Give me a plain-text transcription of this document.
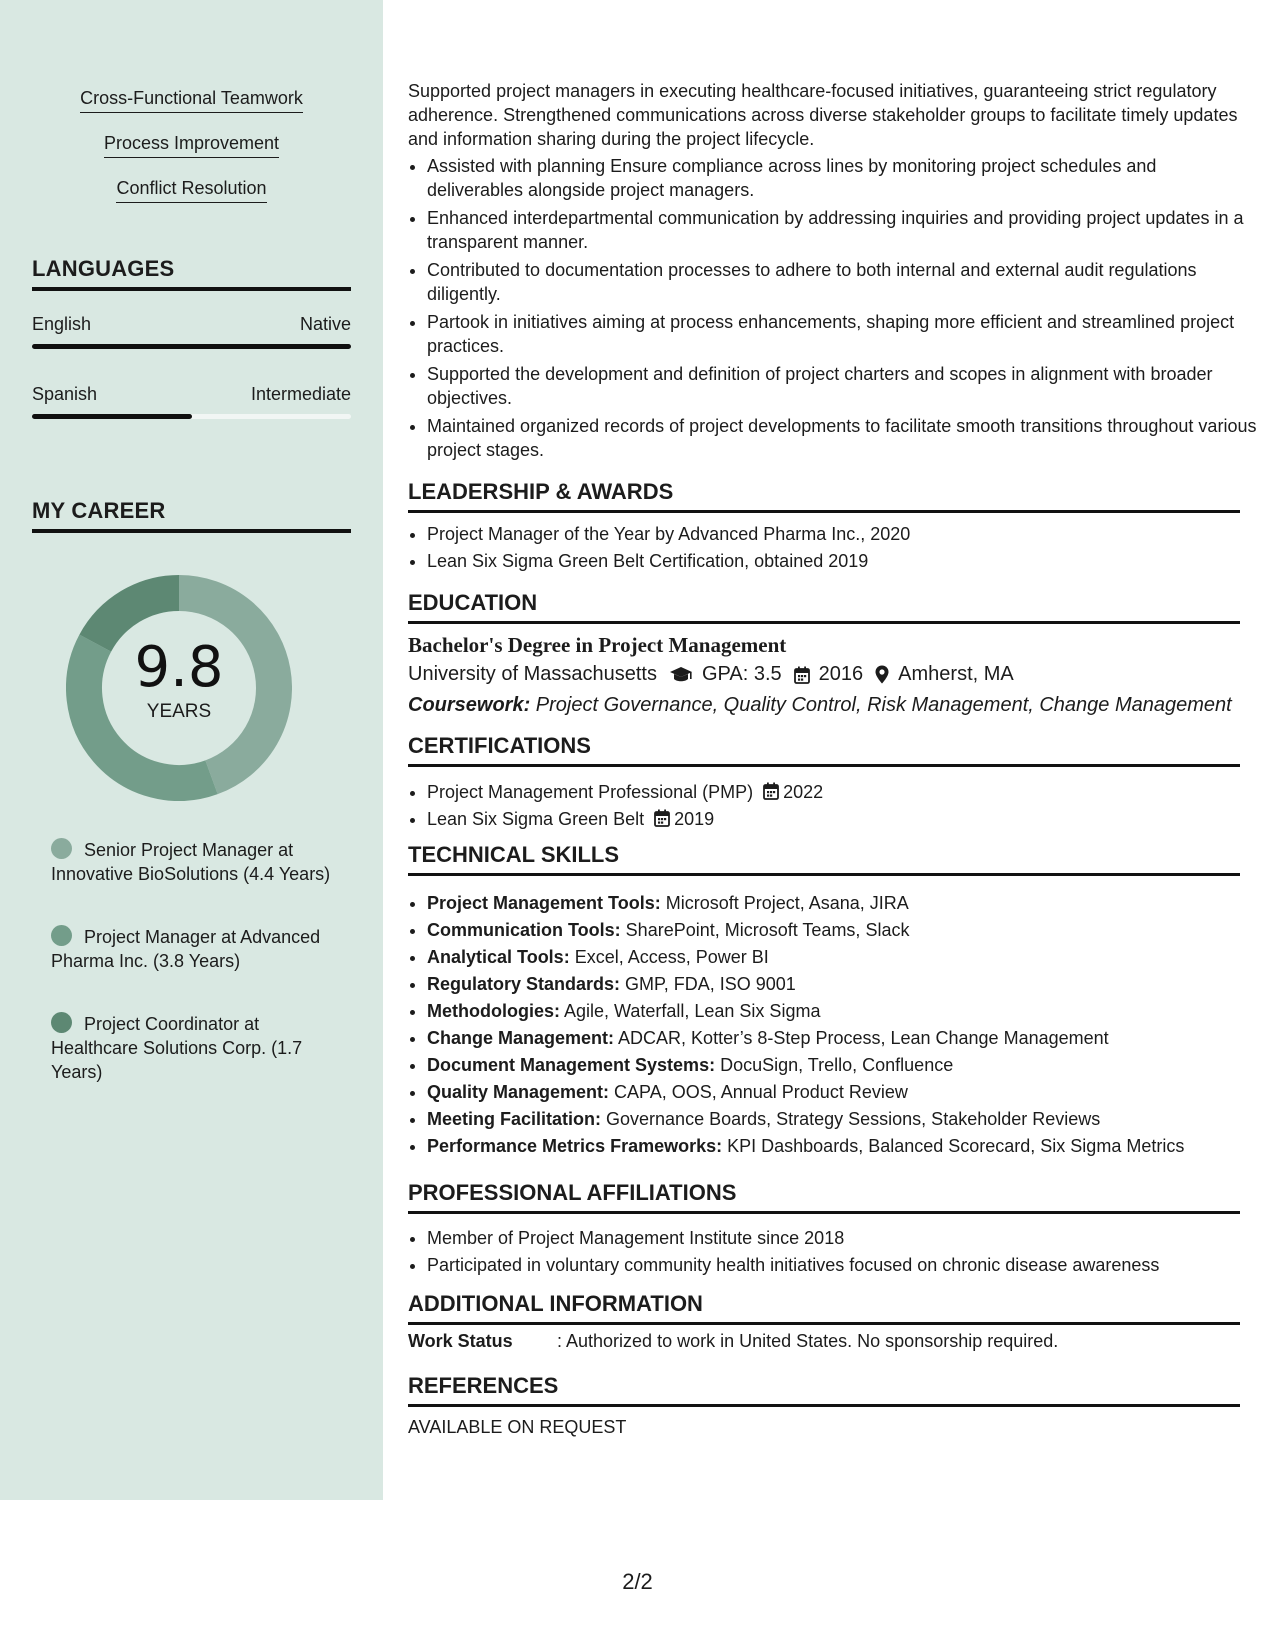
Cross-Functional Teamwork
Process Improvement
Conflict Resolution
LANGUAGES
English	Native
Spanish	Intermediate
MY CAREER
9.8
YEARS
Senior Project Manager at Innovative BioSolutions (4.4 Years)
Project Manager at Advanced Pharma Inc. (3.8 Years)
Project Coordinator at Healthcare Solutions Corp. (1.7 Years)

Supported project managers in executing healthcare-focused initiatives, guaranteeing strict regulatory adherence. Strengthened communications across diverse stakeholder groups to facilitate timely updates and information sharing during the project lifecycle.

• Assisted with planning Ensure compliance across lines by monitoring project schedules and deliverables alongside project managers.
• Enhanced interdepartmental communication by addressing inquiries and providing project updates in a transparent manner.
• Contributed to documentation processes to adhere to both internal and external audit regulations diligently.
• Partook in initiatives aiming at process enhancements, shaping more efficient and streamlined project practices.
• Supported the development and definition of project charters and scopes in alignment with broader objectives.
• Maintained organized records of project developments to facilitate smooth transitions throughout various project stages.
LEADERSHIP & AWARDS
• Project Manager of the Year by Advanced Pharma Inc., 2020
• Lean Six Sigma Green Belt Certification, obtained 2019
EDUCATION
Bachelor's Degree in Project Management
University of Massachusetts GPA: 3.5 2016 Amherst, MA
Coursework: Project Governance, Quality Control, Risk Management, Change Management
CERTIFICATIONS
• Project Management Professional (PMP) 2022
• Lean Six Sigma Green Belt 2019
TECHNICAL SKILLS
• Project Management Tools: Microsoft Project, Asana, JIRA
• Communication Tools: SharePoint, Microsoft Teams, Slack
• Analytical Tools: Excel, Access, Power BI
• Regulatory Standards: GMP, FDA, ISO 9001
• Methodologies: Agile, Waterfall, Lean Six Sigma
• Change Management: ADCAR, Kotter’s 8-Step Process, Lean Change Management
• Document Management Systems: DocuSign, Trello, Confluence
• Quality Management: CAPA, OOS, Annual Product Review
• Meeting Facilitation: Governance Boards, Strategy Sessions, Stakeholder Reviews
• Performance Metrics Frameworks: KPI Dashboards, Balanced Scorecard, Six Sigma Metrics
PROFESSIONAL AFFILIATIONS
• Member of Project Management Institute since 2018
• Participated in voluntary community health initiatives focused on chronic disease awareness
ADDITIONAL INFORMATION
Work Status : Authorized to work in United States. No sponsorship required.
REFERENCES
AVAILABLE ON REQUEST
2/2
